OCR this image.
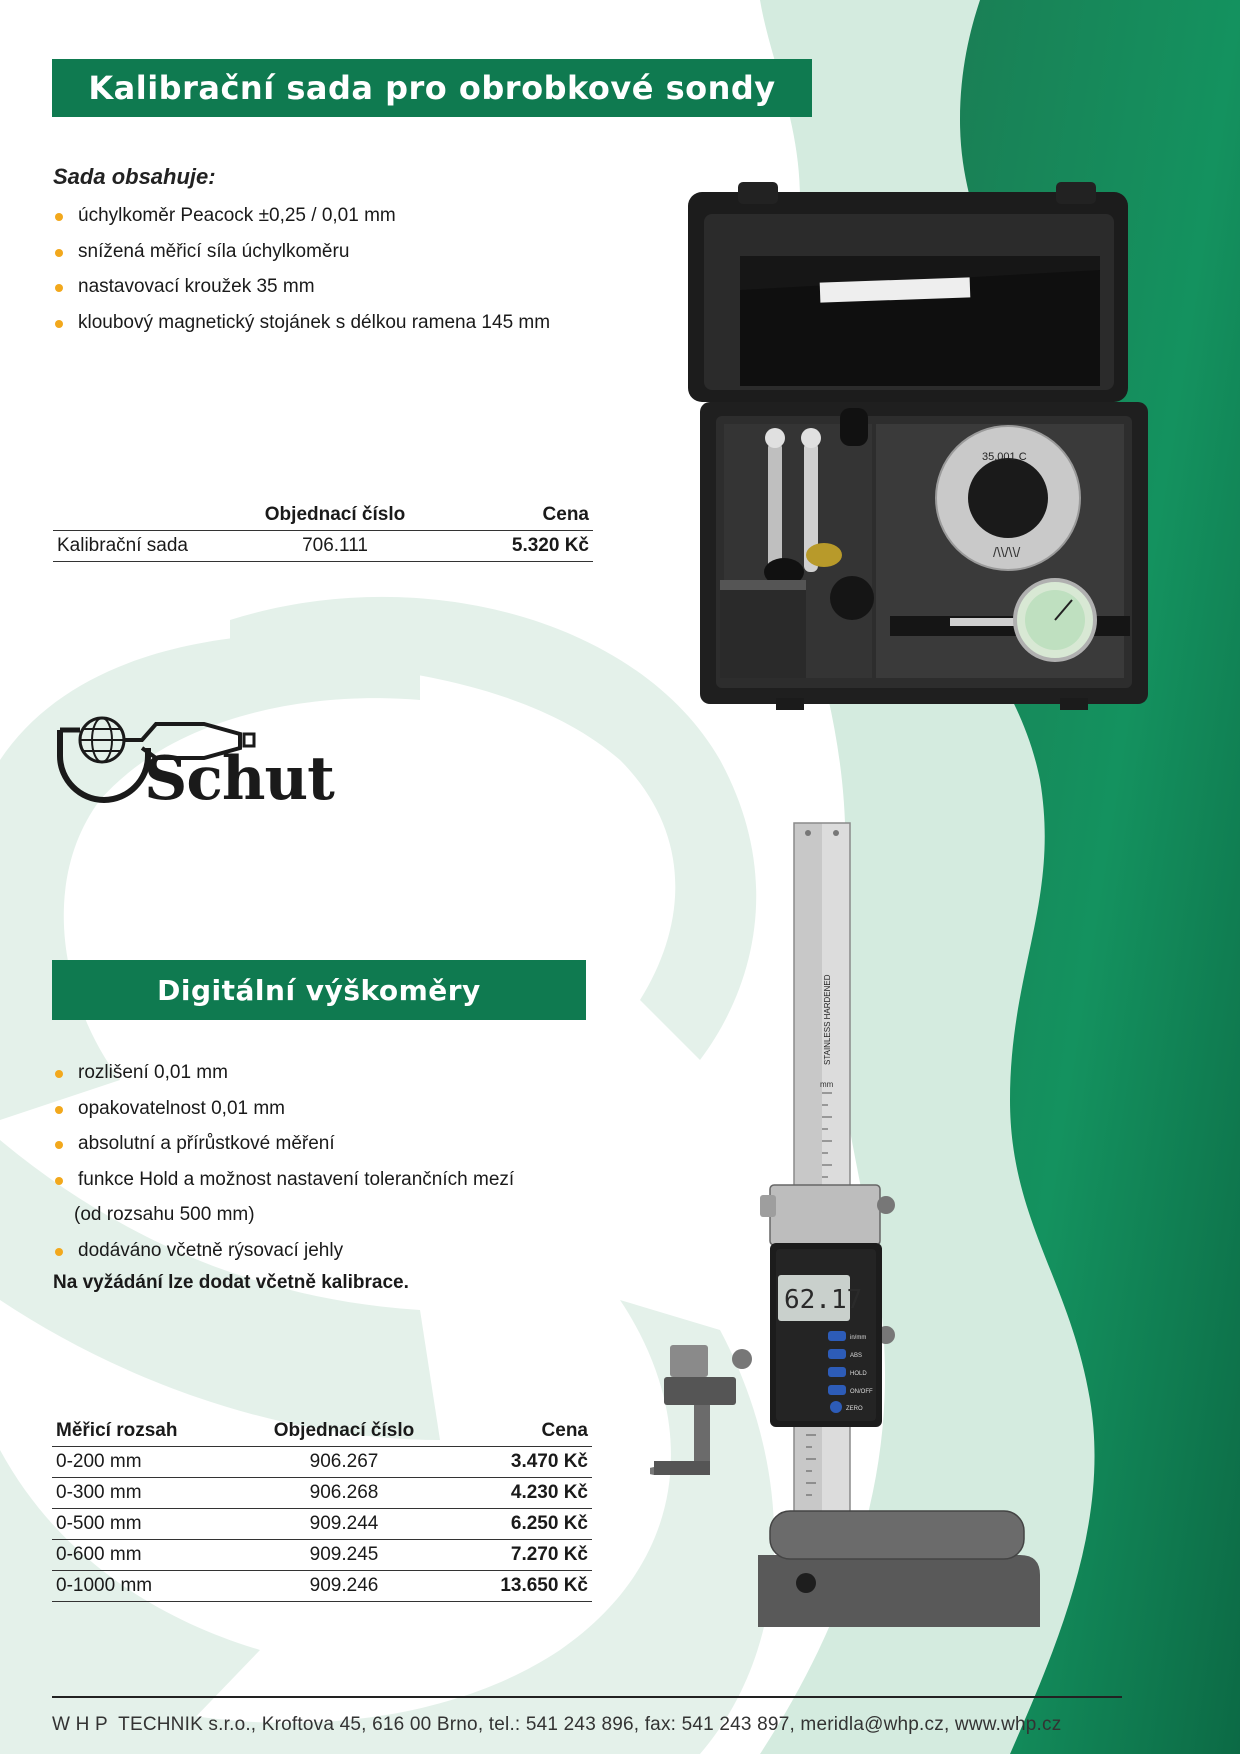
Kalibrační sada pro obrobkové sondy
Sada obsahuje:
úchylkoměr Peacock ±0,25 / 0,01 mm
snížená měřicí síla úchylkoměru
nastavovací kroužek 35 mm
kloubový magnetický stojánek s délkou ramena 145 mm
	Objednací číslo	Cena
Kalibrační sada	706.111	5.320 Kč
35,001 C
/\\/\\/
Schut
Digitální výškoměry
rozlišení 0,01 mm
opakovatelnost 0,01 mm
absolutní a přírůstkové měření
funkce Hold a možnost nastavení tolerančních mezí
(od rozsahu 500 mm)
dodáváno včetně rýsovací jehly
Na vyžádání lze dodat včetně kalibrace.
Měřicí rozsah	Objednací číslo	Cena
0-200 mm	906.267	3.470 Kč
0-300 mm	906.268	4.230 Kč
0-500 mm	909.244	6.250 Kč
0-600 mm	909.245	7.270 Kč
0-1000 mm	909.246	13.650 Kč
STAINLESS HARDENED
mm
62.17
in/mm
ABS
HOLD
ON/OFF
ZERO
W H P  TECHNIK s.r.o., Kroftova 45, 616 00 Brno, tel.: 541 243 896, fax: 541 243 897, meridla@whp.cz, www.whp.cz
